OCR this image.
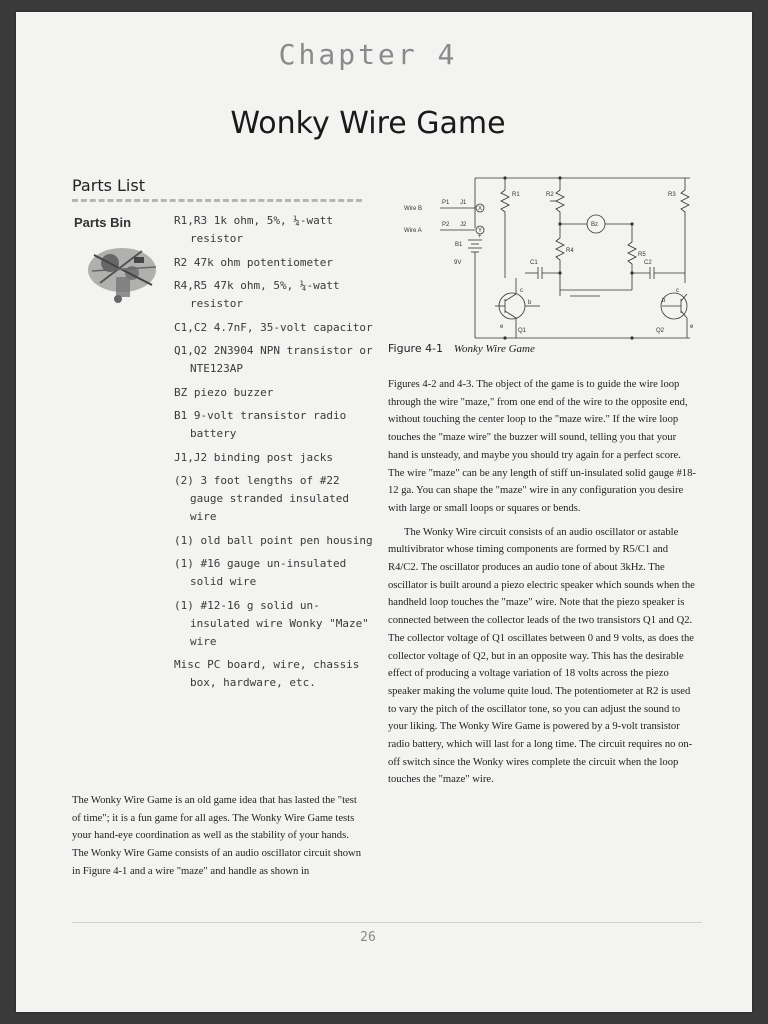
Chapter 4
Wonky Wire Game
Parts List
Parts Bin	R1,R3 1k ohm, 5%, ¼-watt resistor
R2 47k ohm potentiometer
R4,R5 47k ohm, 5%, ¼-watt resistor
C1,C2 4.7nF, 35-volt capacitor
Q1,Q2 2N3904 NPN transistor or NTE123AP
BZ piezo buzzer
B1 9-volt transistor radio battery
J1,J2 binding post jacks
(2) 3 foot lengths of #22 gauge stranded insulated wire
(1) old ball point pen housing
(1) #16 gauge un-insulated solid wire
(1) #12-16 g solid un-insulated wire Wonky "Maze" wire
Misc PC board, wire, chassis box, hardware, etc.
The Wonky Wire Game is an old game idea that has lasted the "test of time"; it is a fun game for all ages. The Wonky Wire Game tests your hand-eye coordination as well as the stability of your hands. The Wonky Wire Game consists of an audio oscillator circuit shown in Figure 4-1 and a wire "maze" and handle as shown in
Wire B
P1 J1
X
Wire A
P2 J2
Y
B1
+
9V
R1	R2	R3
R4
R5
C1	C2
Bz
Q1	Q2
c
b
e
c
b
e
Figure 4-1 Wonky Wire Game

Figures 4-2 and 4-3. The object of the game is to guide the wire loop through the wire "maze," from one end of the wire to the opposite end, without touching the center loop to the "maze wire." If the wire loop touches the "maze wire" the buzzer will sound, telling you that your hand is unsteady, and maybe you should try again for a perfect score. The wire "maze" can be any length of stiff un-insulated solid gauge #18-12 ga. You can shape the "maze" wire in any configuration you desire with large or small loops or squares or bends.

The Wonky Wire circuit consists of an audio oscillator or astable multivibrator whose timing components are formed by R5/C1 and R4/C2. The oscillator produces an audio tone of about 3kHz. The oscillator is built around a piezo electric speaker which sounds when the handheld loop touches the "maze" wire. Note that the piezo speaker is connected between the collector leads of the two transistors Q1 and Q2. The collector voltage of Q1 oscillates between 0 and 9 volts, as does the collector voltage of Q2, but in an opposite way. This has the desirable effect of producing a voltage variation of 18 volts across the piezo speaker making the volume quite loud. The potentiometer at R2 is used to vary the pitch of the oscillator tone, so you can adjust the sound to your liking. The Wonky Wire Game is powered by a 9-volt transistor radio battery, which will last for a long time. The circuit requires no on-off switch since the Wonky wires complete the circuit when the loop touches the "maze" wire.

26
